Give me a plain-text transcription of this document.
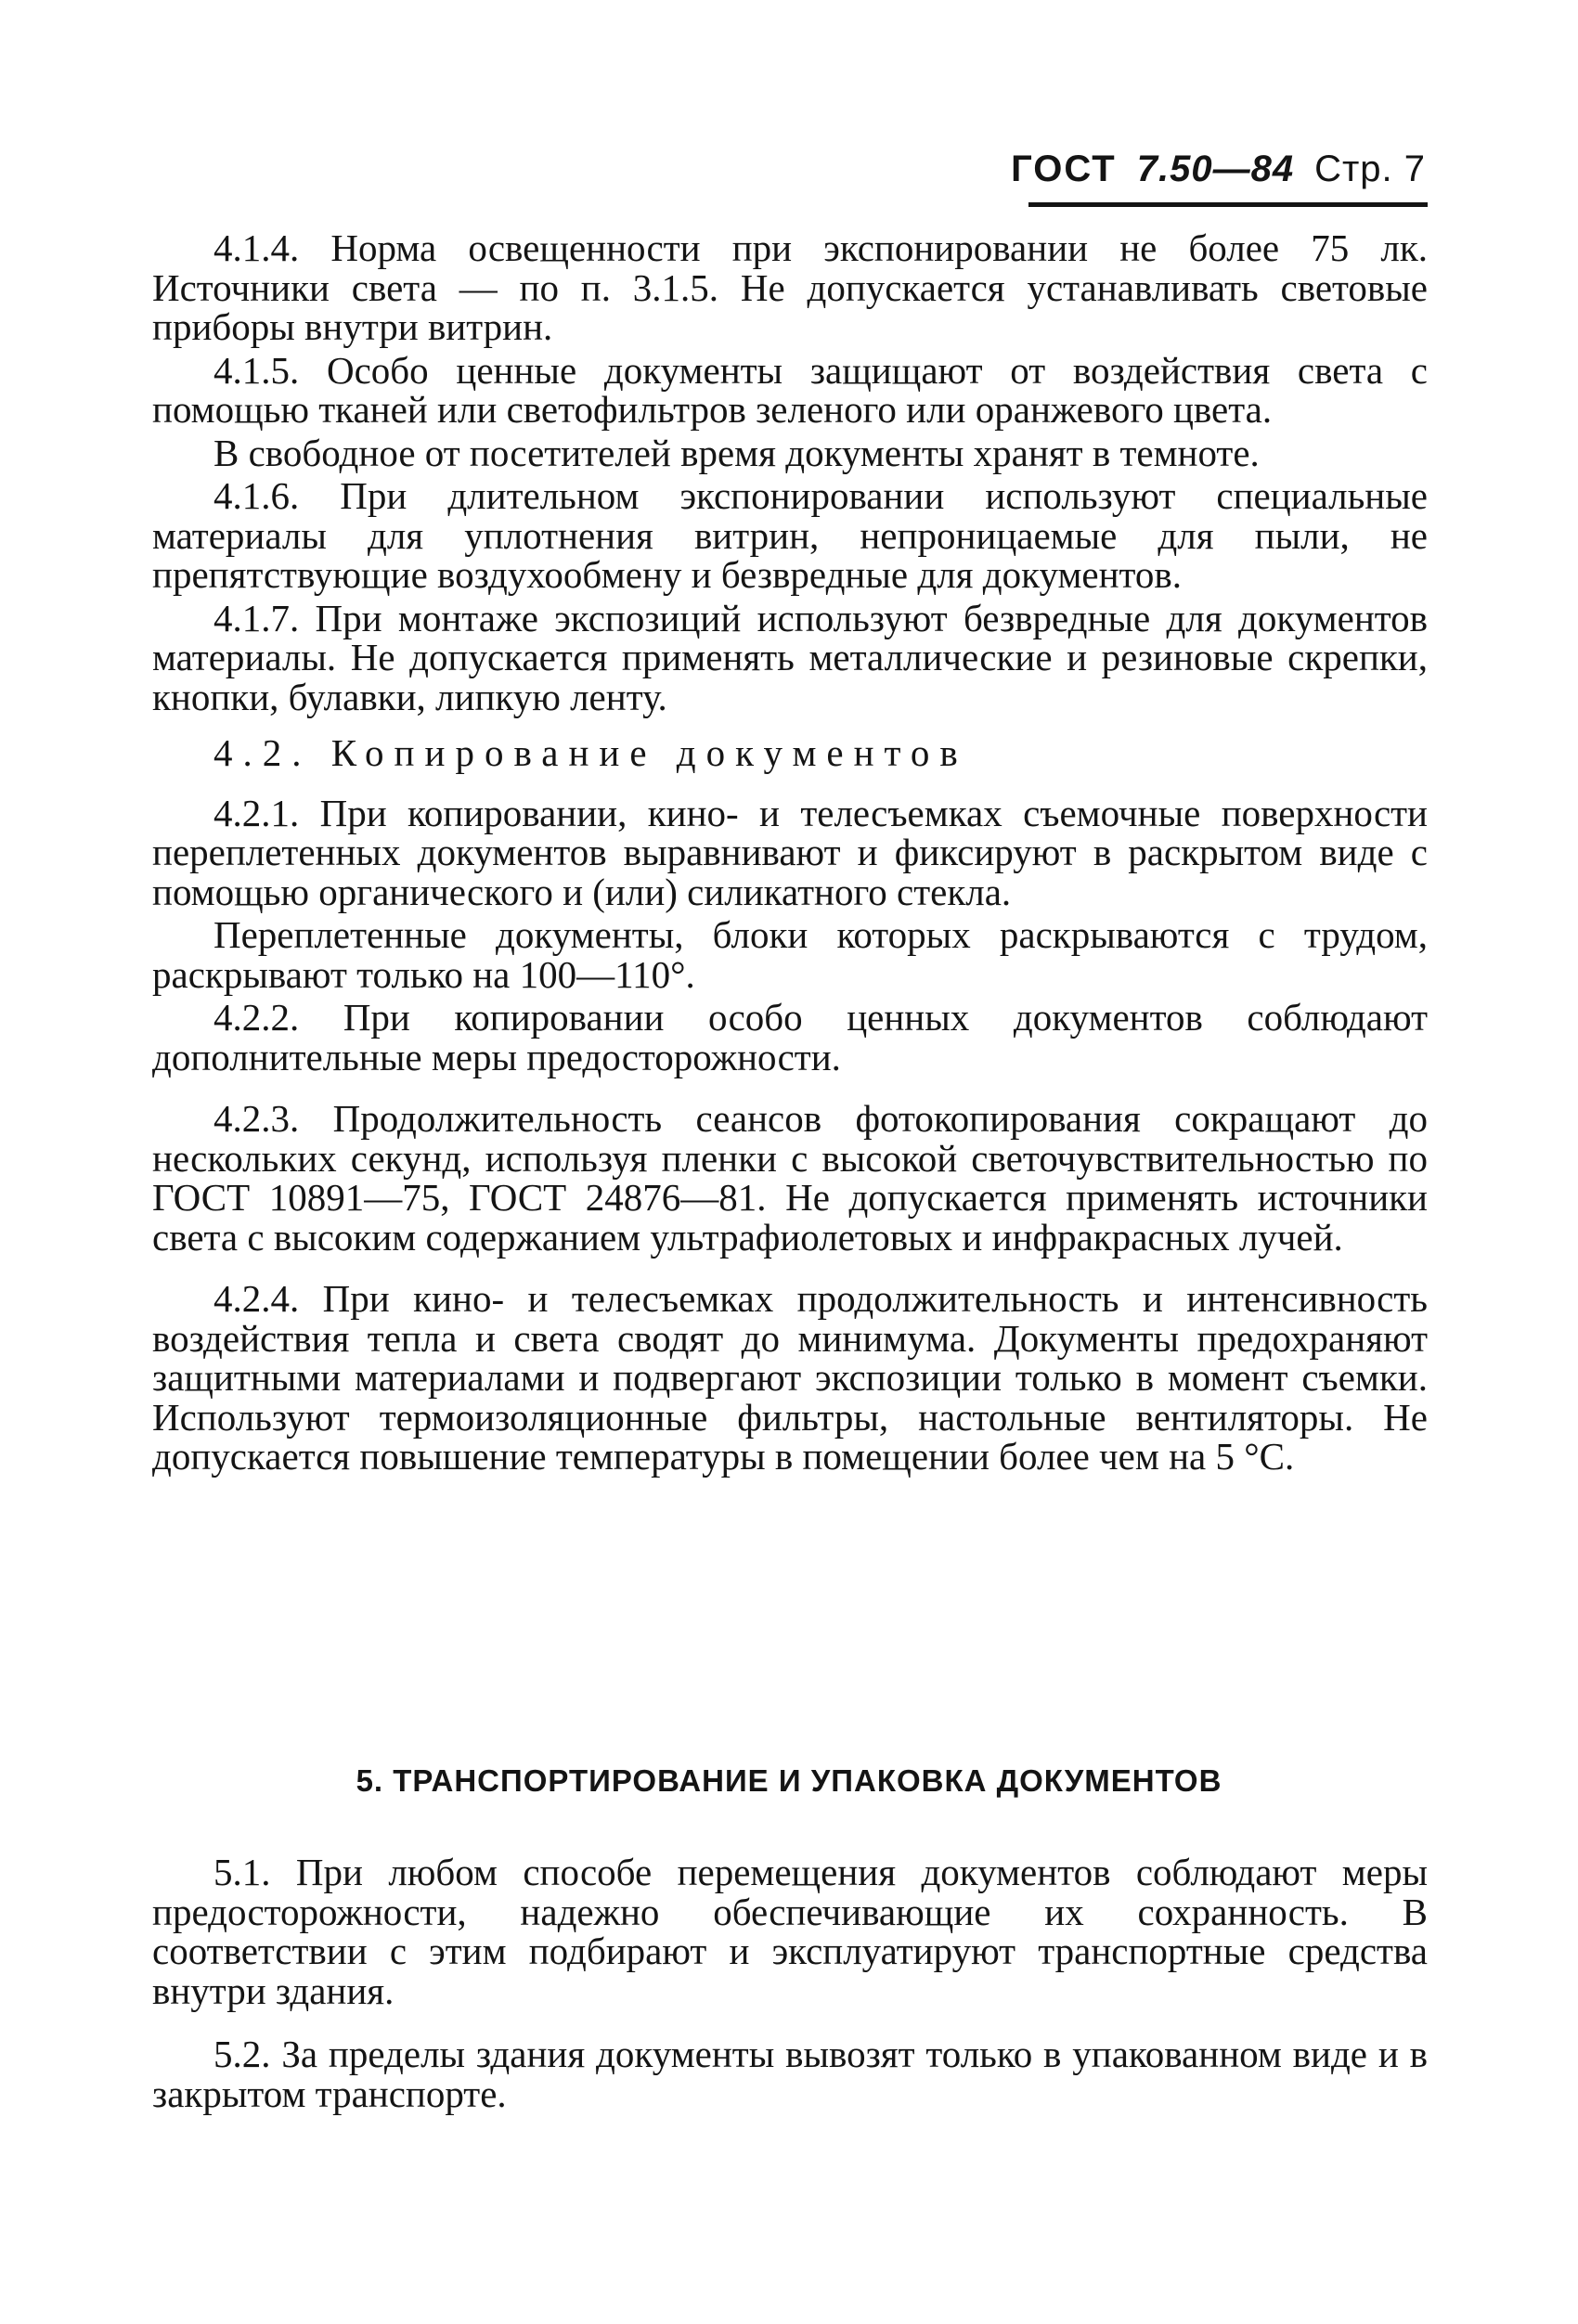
ГОСТ 7.50—84 Стр. 7

4.1.4. Норма освещенности при экспонировании не более 75 лк. Источники света — по п. 3.1.5. Не допускается устанавливать световые приборы внутри витрин.

4.1.5. Особо ценные документы защищают от воздействия света с помощью тканей или светофильтров зеленого или оранжевого цвета.

В свободное от посетителей время документы хранят в темноте.

4.1.6. При длительном экспонировании используют специальные материалы для уплотнения витрин, непроницаемые для пыли, не препятствующие воздухообмену и безвредные для документов.

4.1.7. При монтаже экспозиций используют безвредные для документов материалы. Не допускается применять металлические и резиновые скрепки, кнопки, булавки, липкую ленту.

4.2. Копирование документов

4.2.1. При копировании, кино- и телесъемках съемочные поверхности переплетенных документов выравнивают и фиксируют в раскрытом виде с помощью органического и (или) силикатного стекла.

Переплетенные документы, блоки которых раскрываются с трудом, раскрывают только на 100—110°.

4.2.2. При копировании особо ценных документов соблюдают дополнительные меры предосторожности.

4.2.3. Продолжительность сеансов фотокопирования сокращают до нескольких секунд, используя пленки с высокой светочувствительностью по ГОСТ 10891—75, ГОСТ 24876—81. Не допускается применять источники света с высоким содержанием ультрафиолетовых и инфракрасных лучей.

4.2.4. При кино- и телесъемках продолжительность и интенсивность воздействия тепла и света сводят до минимума. Документы предохраняют защитными материалами и подвергают экспозиции только в момент съемки. Используют термоизоляционные фильтры, настольные вентиляторы. Не допускается повышение температуры в помещении более чем на 5 °С.

5. ТРАНСПОРТИРОВАНИЕ И УПАКОВКА ДОКУМЕНТОВ

5.1. При любом способе перемещения документов соблюдают меры предосторожности, надежно обеспечивающие их сохранность. В соответствии с этим подбирают и эксплуатируют транспортные средства внутри здания.

5.2. За пределы здания документы вывозят только в упакованном виде и в закрытом транспорте.
